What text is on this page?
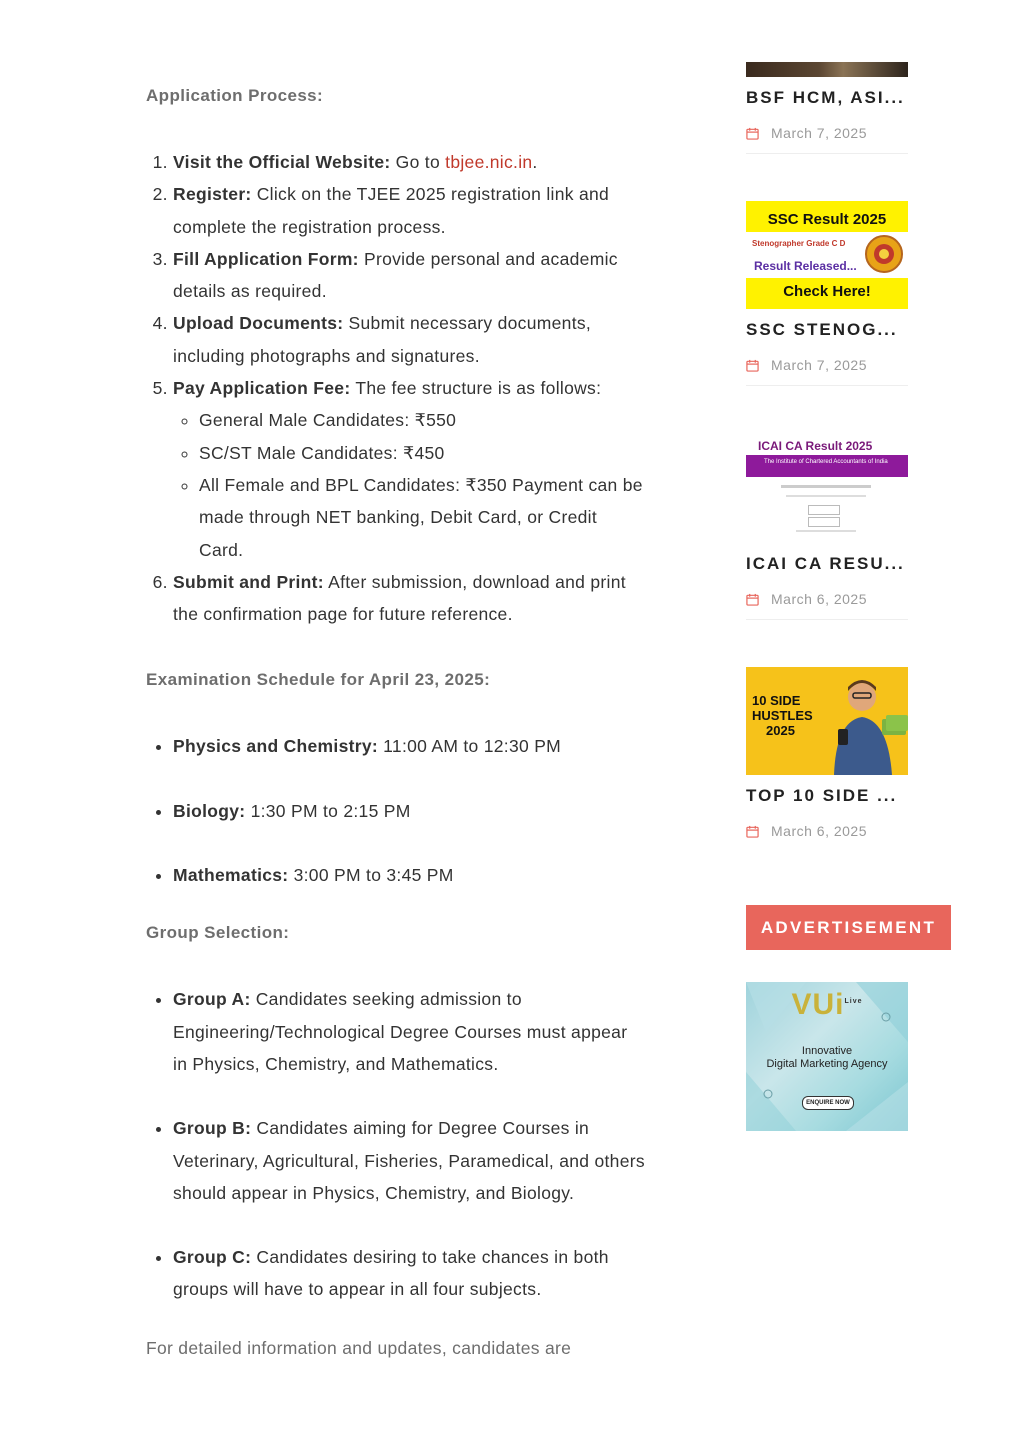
Application Process:

1. Visit the Official Website: Go to tbjee.nic.in.
2. Register: Click on the TJEE 2025 registration link and complete the registration process.
3. Fill Application Form: Provide personal and academic details as required.
4. Upload Documents: Submit necessary documents, including photographs and signatures.
5. Pay Application Fee: The fee structure is as follows:
◦ General Male Candidates: ₹550
◦ SC/ST Male Candidates: ₹450
◦ All Female and BPL Candidates: ₹350 Payment can be made through NET banking, Debit Card, or Credit Card.
6. Submit and Print: After submission, download and print the confirmation page for future reference.

Examination Schedule for April 23, 2025:

• Physics and Chemistry: 11:00 AM to 12:30 PM
• Biology: 1:30 PM to 2:15 PM
• Mathematics: 3:00 PM to 3:45 PM

Group Selection:

• Group A: Candidates seeking admission to Engineering/Technological Degree Courses must appear in Physics, Chemistry, and Mathematics.
• Group B: Candidates aiming for Degree Courses in Veterinary, Agricultural, Fisheries, Paramedical, and others should appear in Physics, Chemistry, and Biology.
• Group C: Candidates desiring to take chances in both groups will have to appear in all four subjects.

For detailed information and updates, candidates are

BSF HCM, ASI...

March 7, 2025
SSC Result 2025
Stenographer Grade C D
Result Released...
Check Here!

SSC STENOG...

March 7, 2025
ICAI CA Result 2025
The Institute of Chartered Accountants of India

ICAI CA RESU...

March 6, 2025
10 SIDE
HUSTLES
2025

TOP 10 SIDE ...

March 6, 2025
ADVERTISEMENT
VUi$^{Live}$
Innovative
Digital Marketing Agency
ENQUIRE NOW
